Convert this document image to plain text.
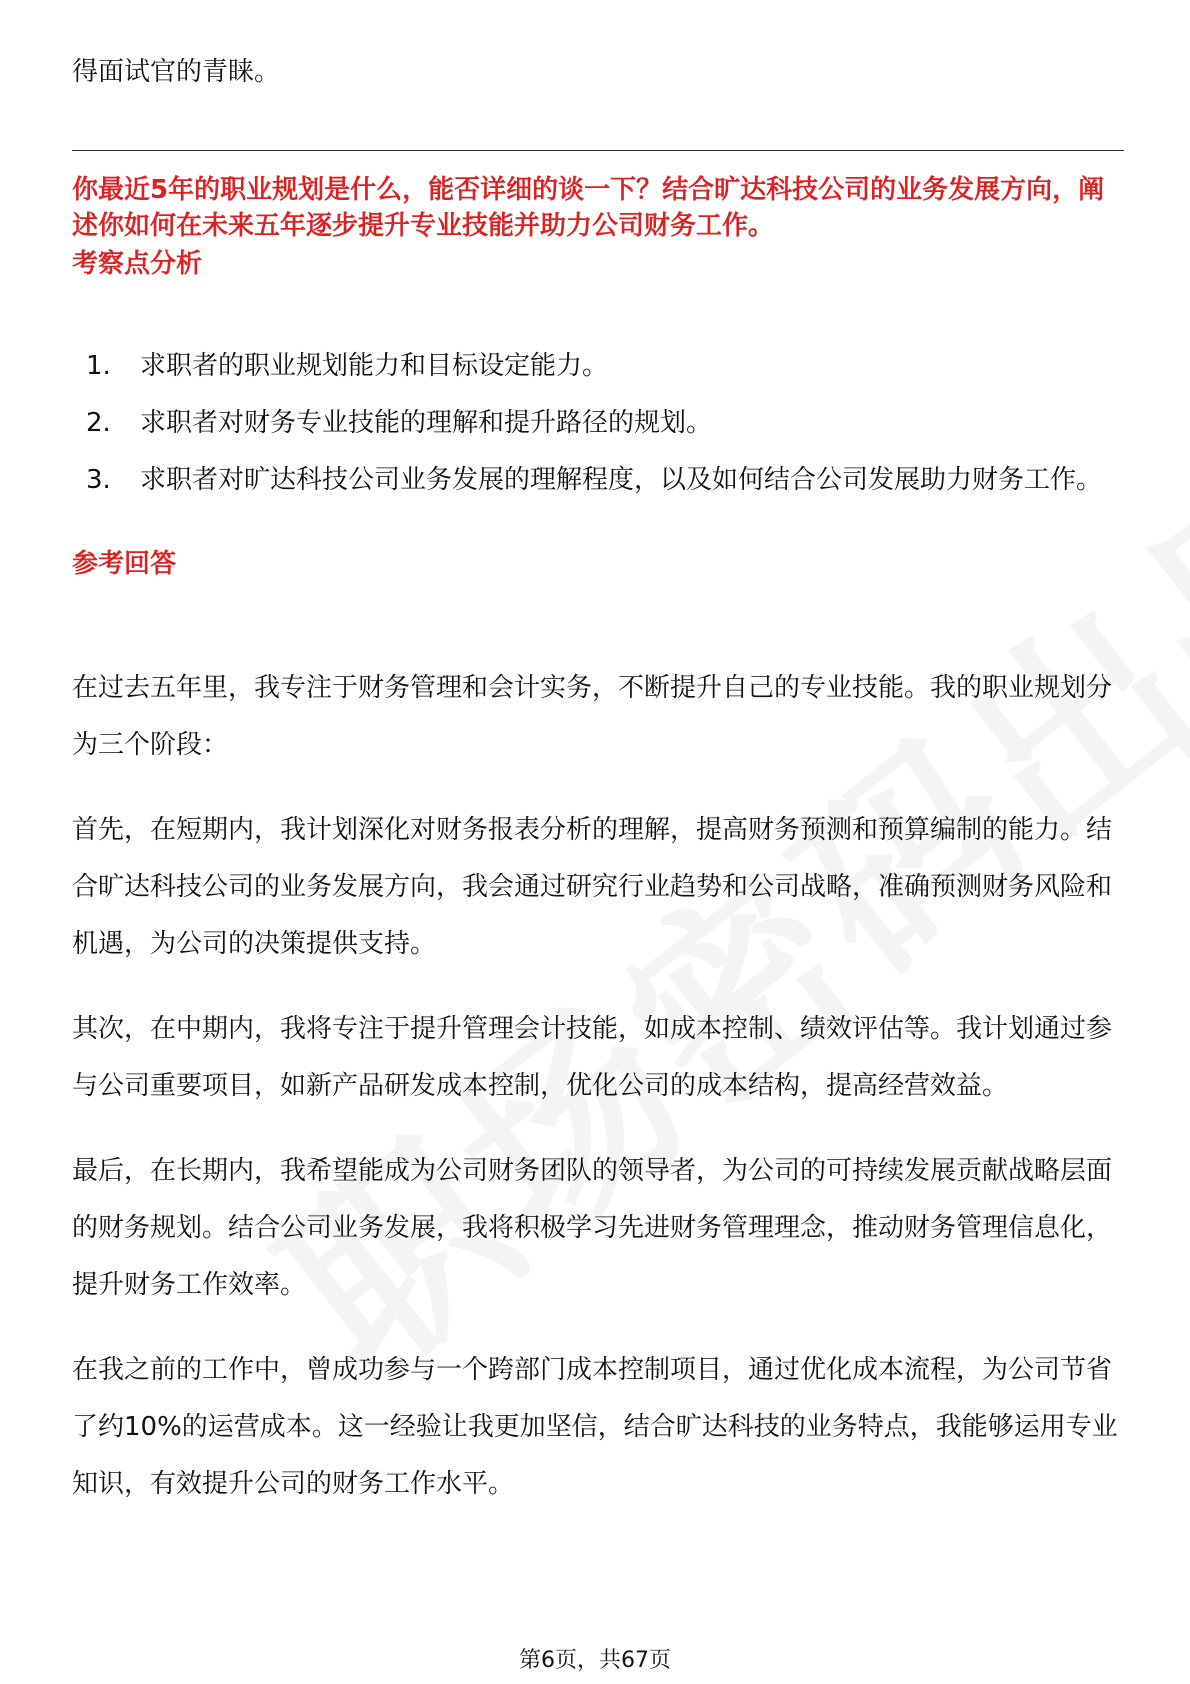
得面试官的青睐。

你最近5年的职业规划是什么，能否详细的谈一下？结合旷达科技公司的业务发展方向，阐述你如何在未来五年逐步提升专业技能并助力公司财务工作。

考察点分析
1.	求职者的职业规划能力和目标设定能力。
2.	求职者对财务专业技能的理解和提升路径的规划。
3.	求职者对旷达科技公司业务发展的理解程度，以及如何结合公司发展助力财务工作。
参考回答

在过去五年里，我专注于财务管理和会计实务，不断提升自己的专业技能。我的职业规划分为三个阶段：

首先，在短期内，我计划深化对财务报表分析的理解，提高财务预测和预算编制的能力。结合旷达科技公司的业务发展方向，我会通过研究行业趋势和公司战略，准确预测财务风险和机遇，为公司的决策提供支持。

其次，在中期内，我将专注于提升管理会计技能，如成本控制、绩效评估等。我计划通过参与公司重要项目，如新产品研发成本控制，优化公司的成本结构，提高经营效益。

最后，在长期内，我希望能成为公司财务团队的领导者，为公司的可持续发展贡献战略层面的财务规划。结合公司业务发展，我将积极学习先进财务管理理念，推动财务管理信息化，提升财务工作效率。

在我之前的工作中，曾成功参与一个跨部门成本控制项目，通过优化成本流程，为公司节省了约10%的运营成本。这一经验让我更加坚信，结合旷达科技的业务特点，我能够运用专业知识，有效提升公司的财务工作水平。

第6页，共67页
